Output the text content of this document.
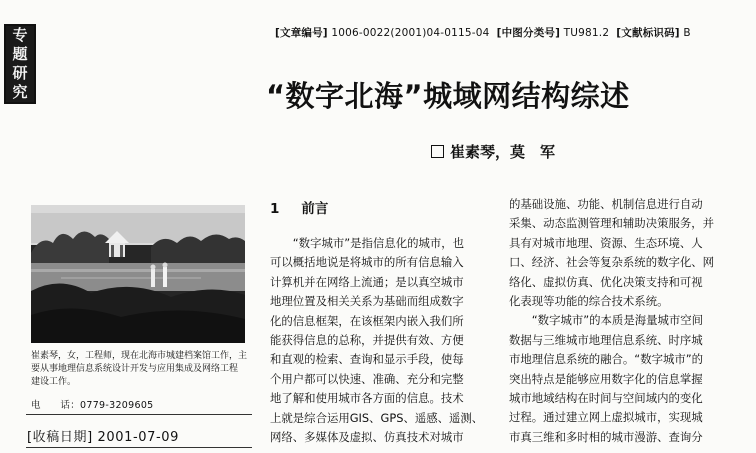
专
题
研
究
[文章编号] 1006-0022(2001)04-0115-04 [中图分类号] TU981.2 [文献标识码] B
“数字北海”城域网结构综述
崔素琴，莫　军
崔素琴，女，工程师，现在北海市城建档案馆工作，主
要从事地理信息系统设计开发与应用集成及网络工程
建设工作。
电　　话：0779-3209605
[收稿日期] 2001-07-09
1 前言
　　“数字城市”是指信息化的城市，也
可以概括地说是将城市的所有信息输入
计算机并在网络上流通；是以真空城市
地理位置及相关关系为基础而组成数字
化的信息框架，在该框架内嵌入我们所
能获得信息的总称，并提供有效、方便
和直观的检索、查询和显示手段，使每
个用户都可以快速、准确、充分和完整
地了解和使用城市各方面的信息。技术
上就是综合运用GIS、GPS、遥感、遥测、
网络、多媒体及虚拟、仿真技术对城市
的基础设施、功能、机制信息进行自动
采集、动态监测管理和辅助决策服务，并
具有对城市地理、资源、生态环境、人
口、经济、社会等复杂系统的数字化、网
络化、虚拟仿真、优化决策支持和可视
化表现等功能的综合技术系统。
　　“数字城市”的本质是海量城市空间
数据与三维城市地理信息系统、时序城
市地理信息系统的融合。“数字城市”的
突出特点是能够应用数字化的信息掌握
城市地域结构在时间与空间域内的变化
过程。通过建立网上虚拟城市，实现城
市真三维和多时相的城市漫游、查询分
